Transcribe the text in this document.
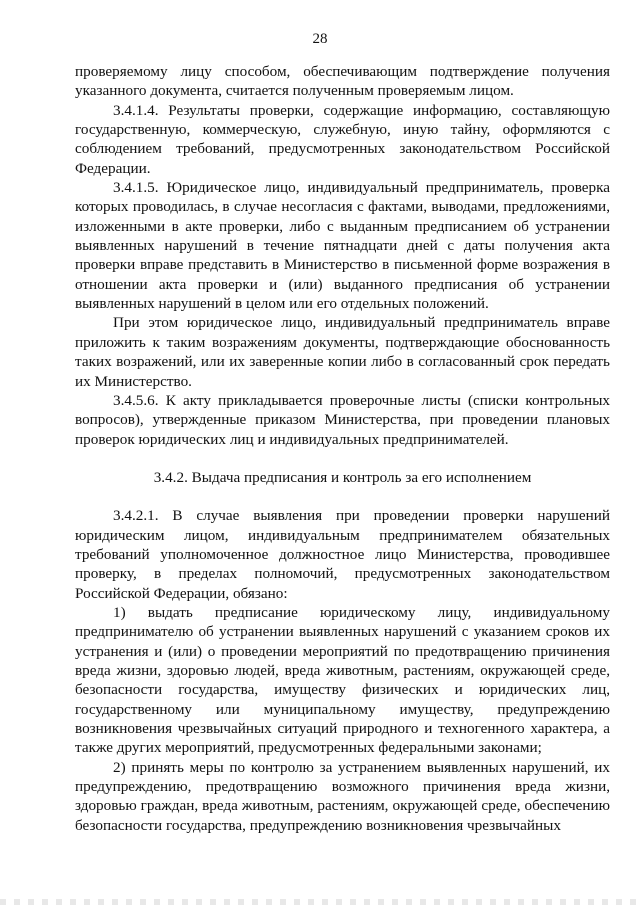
28

проверяемому лицу способом, обеспечивающим подтверждение получения указанного документа, считается полученным проверяемым лицом.

3.4.1.4. Результаты проверки, содержащие информацию, составляющую государственную, коммерческую, служебную, иную тайну, оформляются с соблюдением требований, предусмотренных законодательством Российской Федерации.

3.4.1.5. Юридическое лицо, индивидуальный предприниматель, проверка которых проводилась, в случае несогласия с фактами, выводами, предложениями, изложенными в акте проверки, либо с выданным предписанием об устранении выявленных нарушений в течение пятнадцати дней с даты получения акта проверки вправе представить в Министерство в письменной форме возражения в отношении акта проверки и (или) выданного предписания об устранении выявленных нарушений в целом или его отдельных положений.

При этом юридическое лицо, индивидуальный предприниматель вправе приложить к таким возражениям документы, подтверждающие обоснованность таких возражений, или их заверенные копии либо в согласованный срок передать их Министерство.

3.4.5.6. К акту прикладывается проверочные листы (списки контрольных вопросов), утвержденные приказом Министерства, при проведении плановых проверок юридических лиц и индивидуальных предпринимателей.

3.4.2. Выдача предписания и контроль за его исполнением

3.4.2.1. В случае выявления при проведении проверки нарушений юридическим лицом, индивидуальным предпринимателем обязательных требований уполномоченное должностное лицо Министерства, проводившее проверку, в пределах полномочий, предусмотренных законодательством Российской Федерации, обязано:

1) выдать предписание юридическому лицу, индивидуальному предпринимателю об устранении выявленных нарушений с указанием сроков их устранения и (или) о проведении мероприятий по предотвращению причинения вреда жизни, здоровью людей, вреда животным, растениям, окружающей среде, безопасности государства, имуществу физических и юридических лиц, государственному или муниципальному имуществу, предупреждению возникновения чрезвычайных ситуаций природного и техногенного характера, а также других мероприятий, предусмотренных федеральными законами;

2) принять меры по контролю за устранением выявленных нарушений, их предупреждению, предотвращению возможного причинения вреда жизни, здоровью граждан, вреда животным, растениям, окружающей среде, обеспечению безопасности государства, предупреждению возникновения чрезвычайных
